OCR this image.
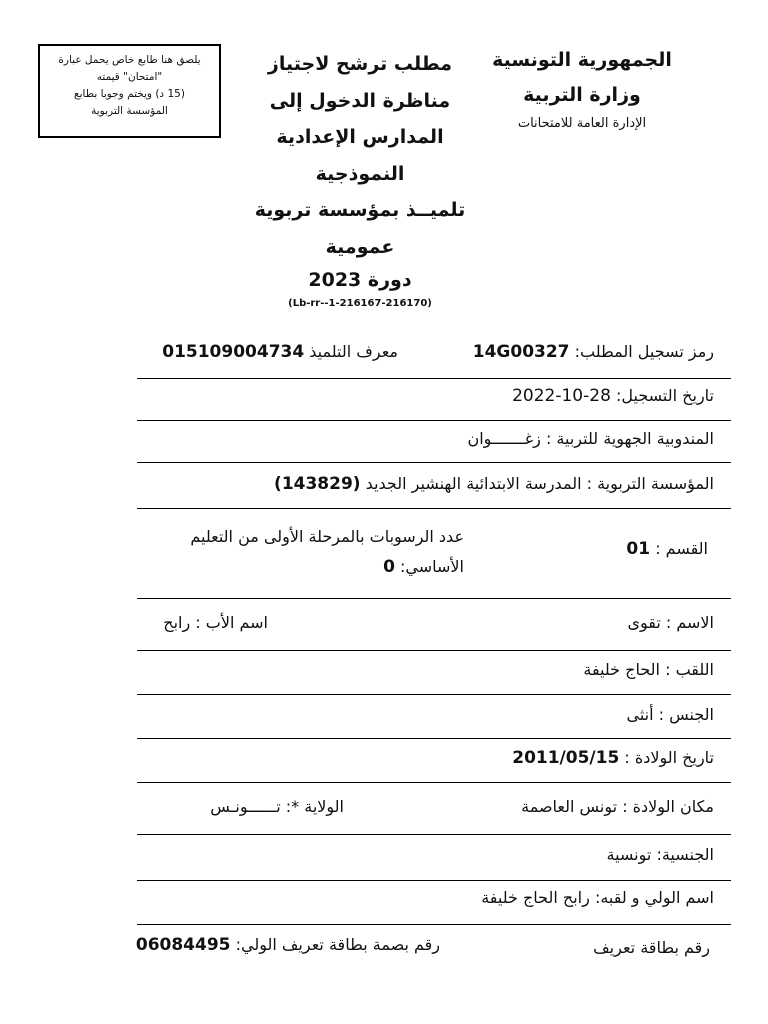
يلصق هنا طابع خاص يحمل عبارة
"امتحان" قيمته
(15 د) ويختم وجوبا بطابع
المؤسسة التربوية
الجمهورية التونسية
وزارة التربية
الإدارة العامة للامتحانات
مطلب ترشح لاجتياز
مناظرة الدخول إلى
المدارس الإعدادية
النموذجية
تلميــذ بمؤسسة تربوية
عمومية
دورة 2023
(Lb-rr--1-216167-216170)
رمز تسجيل المطلب: 14G00327
معرف التلميذ 015109004734
تاريخ التسجيل: 28-10-2022
المندوبية الجهوية للتربية : زغـــــــوان
المؤسسة التربوية : المدرسة الابتدائية الهنشير الجديد (143829)
القسم : 01
عدد الرسوبات بالمرحلة الأولى من التعليم
الأساسي: 0
الاسم : تقوى
اسم الأب : رابح
اللقب : الحاج خليفة
الجنس : أنثى
تاريخ الولادة : 2011/05/15
مكان الولادة : تونس العاصمة
الولاية *: تــــــونـس
الجنسية: تونسية
اسم الولي و لقبه: رابح الحاج خليفة
رقم بطاقة تعريف
رقم بصمة بطاقة تعريف الولي: 06084495
